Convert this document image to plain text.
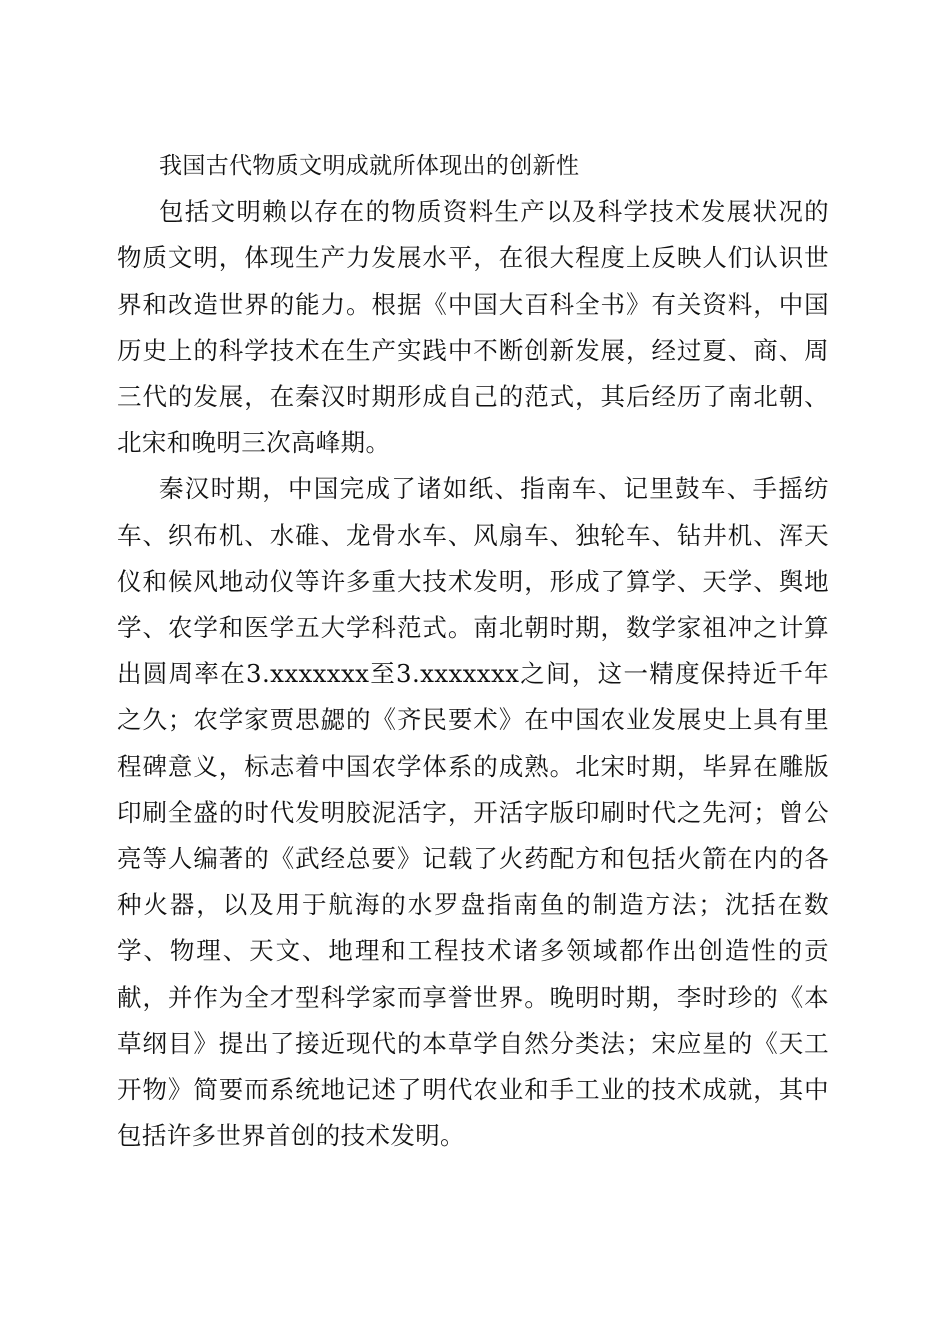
我国古代物质文明成就所体现出的创新性

包括文明赖以存在的物质资料生产以及科学技术发展状况的物质文明，体现生产力发展水平，在很大程度上反映人们认识世界和改造世界的能力。根据《中国大百科全书》有关资料，中国历史上的科学技术在生产实践中不断创新发展，经过夏、商、周三代的发展，在秦汉时期形成自己的范式，其后经历了南北朝、北宋和晚明三次高峰期。

秦汉时期，中国完成了诸如纸、指南车、记里鼓车、手摇纺车、织布机、水碓、龙骨水车、风扇车、独轮车、钻井机、浑天仪和候风地动仪等许多重大技术发明，形成了算学、天学、舆地学、农学和医学五大学科范式。南北朝时期，数学家祖冲之计算出圆周率在3.xxxxxxx至3.xxxxxxx之间，这一精度保持近千年之久；农学家贾思勰的《齐民要术》在中国农业发展史上具有里程碑意义，标志着中国农学体系的成熟。北宋时期，毕昇在雕版印刷全盛的时代发明胶泥活字，开活字版印刷时代之先河；曾公亮等人编著的《武经总要》记载了火药配方和包括火箭在内的各种火器，以及用于航海的水罗盘指南鱼的制造方法；沈括在数学、物理、天文、地理和工程技术诸多领域都作出创造性的贡献，并作为全才型科学家而享誉世界。晚明时期，李时珍的《本草纲目》提出了接近现代的本草学自然分类法；宋应星的《天工开物》简要而系统地记述了明代农业和手工业的技术成就，其中包括许多世界首创的技术发明。
